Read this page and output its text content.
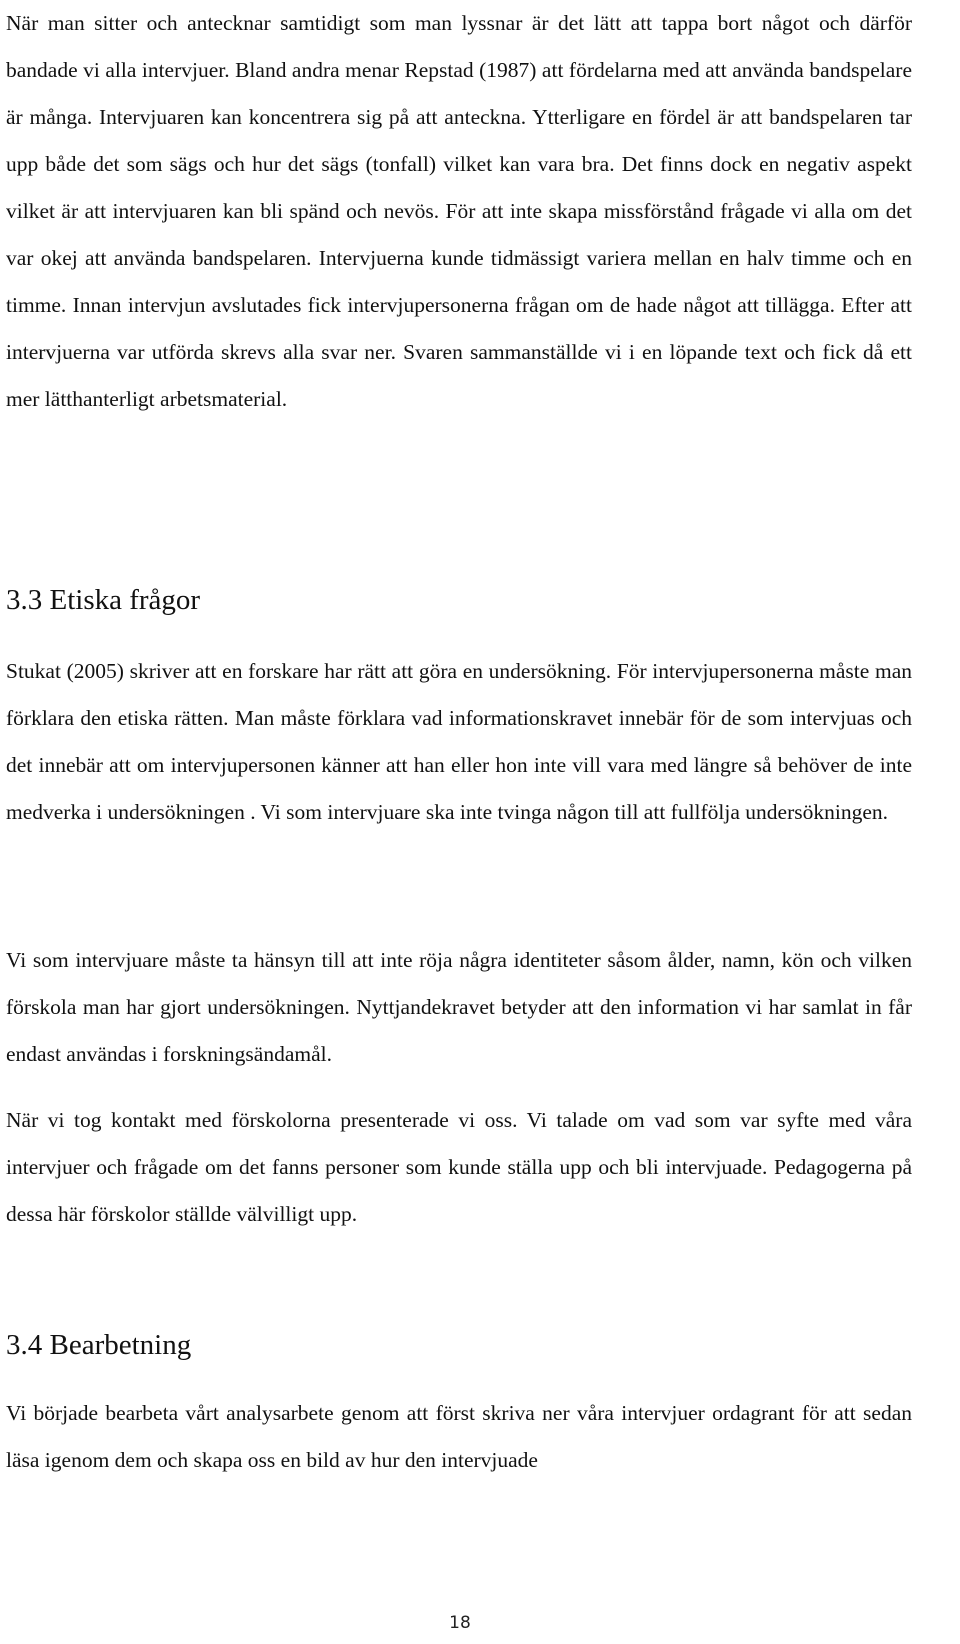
När man sitter och antecknar samtidigt som man lyssnar är det lätt att tappa bort något och därför bandade vi alla intervjuer. Bland andra menar Repstad (1987) att fördelarna med att använda bandspelare är många. Intervjuaren kan koncentrera sig på att anteckna. Ytterligare en fördel är att bandspelaren tar upp både det som sägs och hur det sägs (tonfall) vilket kan vara bra. Det finns dock en negativ aspekt vilket är att intervjuaren kan bli spänd och nevös. För att inte skapa missförstånd frågade vi alla om det var okej att använda bandspelaren. Intervjuerna kunde tidmässigt variera mellan en halv timme och en timme. Innan intervjun avslutades fick intervjupersonerna frågan om de hade något att tillägga. Efter att intervjuerna var utförda skrevs alla svar ner. Svaren sammanställde vi i en löpande text och fick då ett mer lätthanterligt arbetsmaterial.

3.3 Etiska frågor

Stukat (2005) skriver att en forskare har rätt att göra en undersökning. För intervjupersonerna måste man förklara den etiska rätten. Man måste förklara vad informationskravet innebär för de som intervjuas och det innebär att om intervjupersonen känner att han eller hon inte vill vara med längre så behöver de inte medverka i undersökningen . Vi som intervjuare ska inte tvinga någon till att fullfölja undersökningen.

Vi som intervjuare måste ta hänsyn till att inte röja några identiteter såsom ålder, namn, kön och vilken förskola man har gjort undersökningen. Nyttjandekravet betyder att den information vi har samlat in får endast användas i forskningsändamål.

När vi tog kontakt med förskolorna presenterade vi oss. Vi talade om vad som var syfte med våra intervjuer och frågade om det fanns personer som kunde ställa upp och bli intervjuade. Pedagogerna på dessa här förskolor ställde välvilligt upp.

3.4 Bearbetning

Vi började bearbeta vårt analysarbete genom att först skriva ner våra intervjuer ordagrant för att sedan läsa igenom dem och skapa oss en bild av hur den intervjuade

18
